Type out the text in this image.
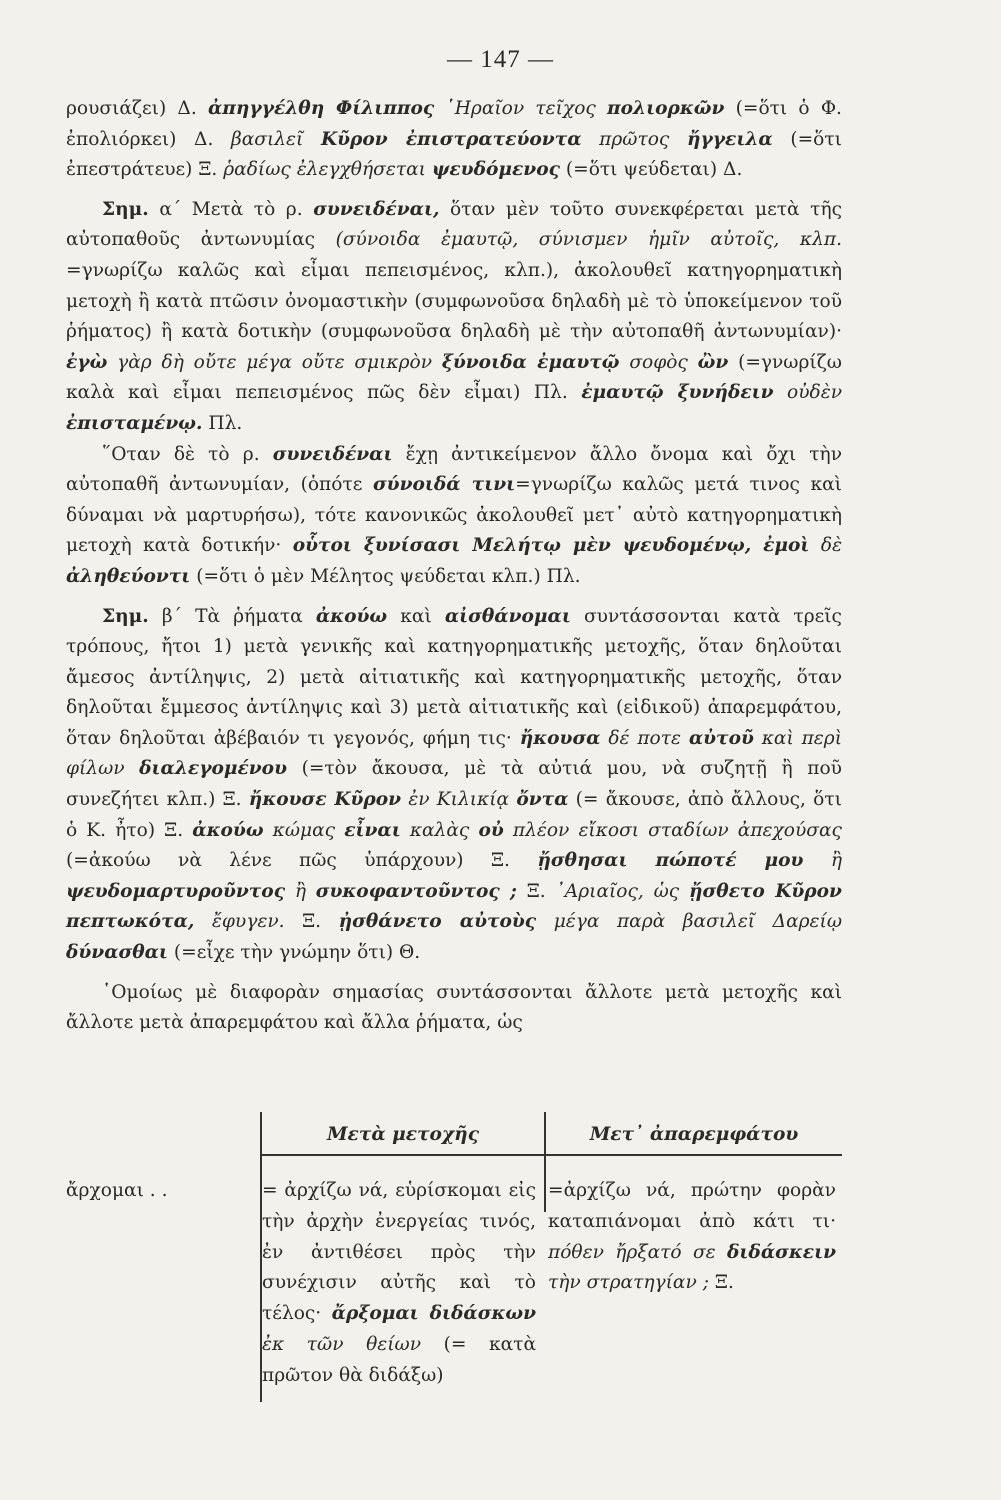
— 147 —

ρουσιάζει) Δ. ἀπηγγέλθη Φίλιππος ῾Ηραῖον τεῖχος πολιορκῶν (=ὅτι ὁ Φ. ἐπολιόρκει) Δ. βασιλεῖ Κῦρον ἐπιστρατεύοντα πρῶτος ἤγγειλα (=ὅτι ἐπεστράτευε) Ξ. ῥαδίως ἐλεγχθήσεται ψευδόμενος (=ὅτι ψεύδεται) Δ.

Σημ. α΄ Μετὰ τὸ ρ. συνειδέναι, ὅταν μὲν τοῦτο συνεκφέρεται μετὰ τῆς αὐτοπαθοῦς ἀντωνυμίας (σύνοιδα ἐμαυτῷ, σύνισμεν ἡμῖν αὐτοῖς, κλπ. =γνωρίζω καλῶς καὶ εἶμαι πεπεισμένος, κλπ.), ἀκολουθεῖ κατηγορηματικὴ μετοχὴ ἢ κατὰ πτῶσιν ὀνομαστικὴν (συμφωνοῦσα δηλαδὴ μὲ τὸ ὑποκείμενον τοῦ ῥήματος) ἢ κατὰ δοτικὴν (συμφωνοῦσα δηλαδὴ μὲ τὴν αὐτοπαθῆ ἀντωνυμίαν)· ἐγὼ γὰρ δὴ οὔτε μέγα οὔτε σμικρὸν ξύνοιδα ἐμαυτῷ σοφὸς ὢν (=γνωρίζω καλὰ καὶ εἶμαι πεπεισμένος πῶς δὲν εἶμαι) Πλ. ἐμαυτῷ ξυνήδειν οὐδὲν ἐπισταμένῳ. Πλ.

῞Οταν δὲ τὸ ρ. συνειδέναι ἔχῃ ἀντικείμενον ἄλλο ὄνομα καὶ ὄχι τὴν αὐτοπαθῆ ἀντωνυμίαν, (ὁπότε σύνοιδά τινι=γνωρίζω καλῶς μετά τινος καὶ δύναμαι νὰ μαρτυρήσω), τότε κανονικῶς ἀκολουθεῖ μετ᾽ αὐτὸ κατηγορηματικὴ μετοχὴ κατὰ δοτικήν· οὗτοι ξυνίσασι Μελήτῳ μὲν ψευδομένῳ, ἐμοὶ δὲ ἀληθεύοντι (=ὅτι ὁ μὲν Μέλητος ψεύδεται κλπ.) Πλ.

Σημ. β΄ Τὰ ῥήματα ἀκούω καὶ αἰσθάνομαι συντάσσονται κατὰ τρεῖς τρόπους, ἤτοι 1) μετὰ γενικῆς καὶ κατηγορηματικῆς μετοχῆς, ὅταν δηλοῦται ἄμεσος ἀντίληψις, 2) μετὰ αἰτιατικῆς καὶ κατηγορηματικῆς μετοχῆς, ὅταν δηλοῦται ἔμμεσος ἀντίληψις καὶ 3) μετὰ αἰτιατικῆς καὶ (εἰδικοῦ) ἀπαρεμφάτου, ὅταν δηλοῦται ἀβέβαιόν τι γεγονός, φήμη τις· ἤκουσα δέ ποτε αὐτοῦ καὶ περὶ φίλων διαλεγομένου (=τὸν ἄκουσα, μὲ τὰ αὐτιά μου, νὰ συζητῇ ἢ ποῦ συνεζήτει κλπ.) Ξ. ἤκουσε Κῦρον ἐν Κιλικίᾳ ὄντα (= ἄκουσε, ἀπὸ ἄλλους, ὅτι ὁ Κ. ἦτο) Ξ. ἀκούω κώμας εἶναι καλὰς οὐ πλέον εἴκοσι σταδίων ἀπεχούσας (=ἀκούω νὰ λένε πῶς ὑπάρχουν) Ξ. ᾔσθησαι πώποτέ μου ἢ ψευδομαρτυροῦντος ἢ συκοφαντοῦντος ; Ξ. ᾽Αριαῖος, ὡς ᾔσθετο Κῦρον πεπτωκότα, ἔφυγεν. Ξ. ᾐσθάνετο αὐτοὺς μέγα παρὰ βασιλεῖ Δαρείῳ δύνασθαι (=εἶχε τὴν γνώμην ὅτι) Θ.

῾Ομοίως μὲ διαφορὰν σημασίας συντάσσονται ἄλλοτε μετὰ μετοχῆς καὶ ἄλλοτε μετὰ ἀπαρεμφάτου καὶ ἄλλα ῥήματα, ὡς

Μετὰ μετοχῆς	Μετ᾽ ἀπαρεμφάτου
ἄρχομαι . .	= ἀρχίζω νά, εὑρίσκομαι εἰς τὴν ἀρχὴν ἐνεργείας τινός, ἐν ἀντιθέσει πρὸς τὴν συνέχισιν αὐτῆς καὶ τὸ τέλος· ἄρξομαι διδάσκων ἐκ τῶν θείων (= κατὰ πρῶτον θὰ διδάξω)
=ἀρχίζω νά, πρώτην φορὰν καταπιάνομαι ἀπὸ κάτι τι· πόθεν ἤρξατό σε διδάσκειν τὴν στρατηγίαν ; Ξ.
